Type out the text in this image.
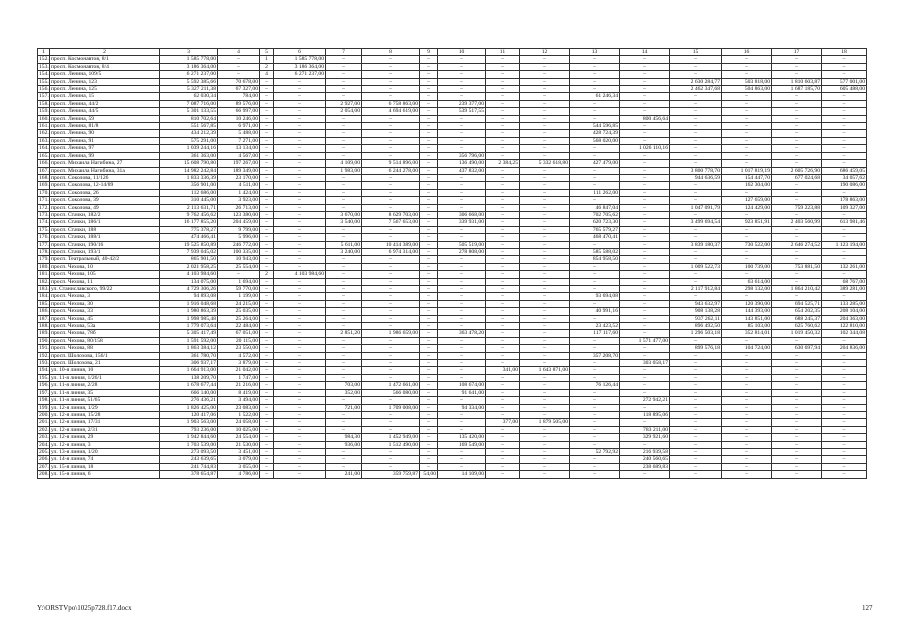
1	2	3	4	5	6	7	8	9	10	11	12	13	14	15	16	17	18
152.	просп. Космонавтов, 8/1	1 585 778,00	–	1	1 585 778,00	–	–	–	–	–	–	–	–	–	–	–	–
153.	просп. Космонавтов, 8/4	3 186 364,00	–	2	3 186 364,00	–	–	–	–	–	–	–	–	–	–	–	–
154.	просп. Ленина, 109/5	6 271 237,00	–	4	6 271 237,00	–	–	–	–	–	–	–	–	–	–	–	–
155.	просп. Ленина, 123	5 592 385,66	70 678,00	–	–	–	–	–	–	–	–	–	–	2 630 284,77	503 818,00	1 810 603,87	577 001,00
156.	просп. Ленина, 125	5 327 211,38	67 327,00	–	–	–	–	–	–	–	–	–	–	2 462 347,68	504 863,00	1 687 185,70	605 488,00
157.	просп. Ленина, 15	62 030,34	784,00	–	–	–	–	–	–	–	–	61 246,34	–	–	–	–	–
158.	просп. Ленина, 44/2	7 087 716,00	89 576,00	–	–	2 927,00	6 758 863,00	–	239 377,00	–	–	–	–	–	–	–	–
159.	просп. Ленина, 44/5	5 301 133,55	66 997,00	–	–	2 054,00	4 694 619,00	–	539 517,55	–	–	–	–	–	–	–	–
160.	просп. Ленина, 59	810 702,64	10 246,00	–	–	–	–	–	–	–	–	–	800 456,64	–	–	–	–
161.	просп. Ленина, 81/8	551 567,85	6 971,00	–	–	–	–	–	–	–	–	544 596,85	–	–	–	–	–
162.	просп. Ленина, 90	434 212,39	5 488,00	–	–	–	–	–	–	–	–	428 724,39	–	–	–	–	–
163.	просп. Ленина, 91	575 291,00	7 271,00	–	–	–	–	–	–	–	–	568 020,00	–	–	–	–	–
164.	просп. Ленина, 97	1 039 244,16	13 134,00	–	–	–	–	–	–	–	–	–	1 026 110,16	–	–	–	–
165.	просп. Ленина, 99	361 363,00	4 567,00	–	–	–	–	–	356 796,00	–	–	–	–	–	–	–	–
166.	просп. Михаила Нагибина, 27	15 608 790,80	197 267,00	–	–	4 109,00	9 514 896,00	–	136 490,00	2 384,25	5 332 618,80	427 479,00	–	–	–	–	–
167.	просп. Михаила Нагибина, 31а	14 982 242,84	189 349,00	–	–	1 983,00	6 244 278,00	–	437 832,00	–	–	–	–	3 800 778,70	1 017 819,19	2 605 726,90	686 459,05
168.	просп. Соколова, 11/126	1 833 336,39	23 170,00	–	–	–	–	–	–	–	–	–	–	944 636,59	154 447,70	677 024,68	34 057,62
169.	просп. Соколова, 12-14/89	356 901,00	4 511,00	–	–	–	–	–	–	–	–	–	–	–	162 304,00	–	190 086,00
170.	просп. Соколова, 26	112 686,00	1 424,00	–	–	–	–	–	–	–	–	111 262,00	–	–	–	–	–
171.	просп. Соколова, 39	310 445,00	3 923,00	–	–	–	–	–	–	–	–	–	–	–	127 659,00	–	178 863,00
172.	просп. Соколова, 49	2 113 631,71	26 713,00	–	–	–	–	–	–	–	–	46 847,04	–	1 047 091,79	124 429,00	759 223,88	109 327,00
173.	просп. Стачки, 182/2	9 762 456,62	123 380,00	–	–	3 670,00	8 629 703,00	–	306 668,00	–	–	702 705,62	–	–	–	–	–
174.	просп. Стачки, 186/1	16 177 855,20	204 459,00	–	–	3 540,00	7 567 653,00	–	339 931,00	–	–	620 723,30	–	3 499 694,54	923 851,91	2 403 560,99	613 981,46
175.	просп. Стачки, 188	775 378,27	9 799,00	–	–	–	–	–	–	–	–	765 579,27	–	–	–	–	–
176.	просп. Стачки, 188/1	474 466,41	5 996,00	–	–	–	–	–	–	–	–	468 470,41	–	–	–	–	–
177.	просп. Стачки, 190/16	19 525 850,89	246 772,00	–	–	5 611,00	10 414 389,00	–	505 519,00	–	–	–	–	3 839 180,37	730 522,00	2 646 274,52	1 123 194,00
178.	просп. Стачки, 193/1	7 939 045,02	100 335,00	–	–	3 240,00	6 974 314,00	–	278 808,00	–	–	585 588,02	–	–	–	–	–
179.	просп. Театральный, 40-42/2	865 901,50	10 943,00	–	–	–	–	–	–	–	–	854 958,50	–	–	–	–	–
180.	просп. Чехова, 10	2 021 958,25	25 554,00	–	–	–	–	–	–	–	–	–	–	1 009 522,73	100 739,00	753 881,50	132 261,00
181.	просп. Чехова, 105	4 103 984,60	–	2	4 103 984,60	–	–	–	–	–	–	–	–	–	–	–	–
182.	просп. Чехова, 11	134 075,00	1 694,00	–	–	–	–	–	–	–	–	–	–	–	63 614,00	–	68 767,00
183.	ул. Станиславского, 99/22	4 729 306,26	59 770,00	–	–	–	–	–	–	–	–	–	–	2 117 912,84	298 132,00	1 864 210,42	389 281,00
184.	просп. Чехова, 3	94 893,08	1 199,00	–	–	–	–	–	–	–	–	93 694,08	–	–	–	–	–
185.	просп. Чехова, 30	1 916 048,68	24 215,00	–	–	–	–	–	–	–	–	–	–	943 632,97	120 390,00	694 525,71	133 285,00
186.	просп. Чехова, 33	1 980 863,39	25 035,00	–	–	–	–	–	–	–	–	40 991,16	–	908 138,28	144 393,00	654 202,35	208 104,00
187.	просп. Чехова, 45	1 998 985,48	25 264,00	–	–	–	–	–	–	–	–	–	–	937 262,11	143 851,00	688 245,37	204 363,00
188.	просп. Чехова, 53а	1 779 073,64	22 484,00	–	–	–	–	–	–	–	–	23 423,52	–	896 492,50	85 103,00	625 760,62	122 810,00
189.	просп. Чехова, 78б	5 305 417,49	67 051,00	–	–	2 851,20	1 986 659,00	–	363 478,20	–	–	117 117,60	–	1 296 503,18	352 814,01	1 019 450,32	102 344,08
190.	просп. Чехова, 80/158	1 591 592,00	20 115,00	–	–	–	–	–	–	–	–	–	1 571 477,00	–	–	–	–
191.	просп. Чехова, 88	1 863 384,12	23 550,00	–	–	–	–	–	–	–	–	–	–	899 576,18	104 724,00	630 697,94	204 836,00
192.	просп. Шолохова, 156/1	361 780,70	4 572,00	–	–	–	–	–	–	–	–	357 208,70	–	–	–	–	–
193.	просп. Шолохова, 21	306 937,17	3 879,00	–	–	–	–	–	–	–	–	–	303 058,17	–	–	–	–
194.	ул. 10-я линия, 10	1 664 913,00	21 042,00	–	–	–	–	–	–	341,00	1 643 871,00	–	–	–	–	–	–
195.	ул. 11-я линия, 1/26/1	138 209,70	1 747,00	–	–	–	–	–	–	–	–	–	–	–	–	–	–
196.	ул. 11-я линия, 2/28	1 678 677,44	21 216,00	–	–	703,00	1 472 661,00	–	108 674,00	–	–	76 126,44	–	–	–	–	–
197.	ул. 11-я линия, 35	666 140,00	8 419,00	–	–	352,00	566 080,00	–	91 641,00	–	–	–	–	–	–	–	–
198.	ул. 11-я линия, 51/65	276 436,21	3 494,00	–	–	–	–	–	–	–	–	–	272 942,21	–	–	–	–
199.	ул. 12-я линия, 1/29	1 826 425,00	23 083,00	–	–	721,00	1 709 008,00	–	94 334,00	–	–	–	–	–	–	–	–
200.	ул. 12-я линия, 15/28	120 417,06	1 522,00	–	–	–	–	–	–	–	–	–	118 895,06	–	–	–	–
201.	ул. 12-я линия, 17/31	1 903 563,00	24 058,00	–	–	–	–	–	–	377,00	1 879 505,00	–	–	–	–	–	–
202.	ул. 12-я линия, 2/31	793 236,00	10 025,00	–	–	–	–	–	–	–	–	–	783 211,00	–	–	–	–
203.	ул. 12-я линия, 29	1 942 844,60	24 554,00	–	–	984,30	1 452 949,00	–	135 420,00	–	–	–	329 921,60	–	–	–	–
204.	ул. 12-я линия, 3	1 703 539,00	21 530,00	–	–	936,00	1 512 490,00	–	169 549,00	–	–	–	–	–	–	–	–
205.	ул. 13-я линия, 1/20	273 093,50	3 451,00	–	–	–	–	–	–	–	–	52 792,92	216 939,58	–	–	–	–
206.	ул. 14-я линия, 74	243 639,65	3 079,00	–	–	–	–	–	–	–	–	–	240 560,65	–	–	–	–
207.	ул. 15-я линия, 18	241 744,83	3 055,00	–	–	–	–	–	–	–	–	–	238 689,83	–	–	–	–
208.	ул. 15-я линия, 6	378 654,87	4 786,00	–	–	241,00	359 759,87	54,00	14 109,00	–	–	–	–	–	–	–	–
Y:\ORSTVpo\1025р728.f17.docx	127
